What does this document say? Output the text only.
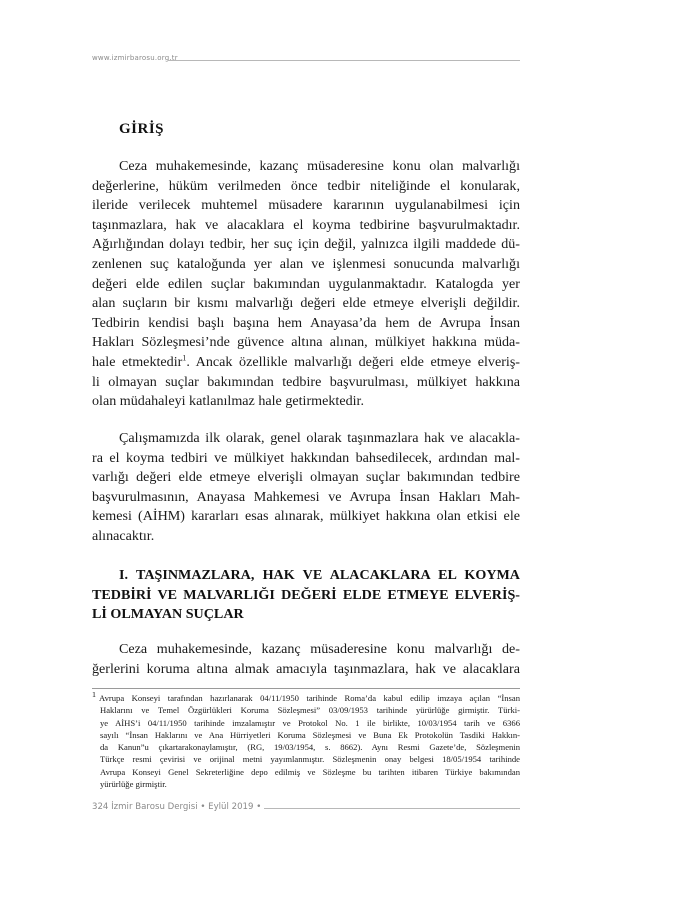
www.izmirbarosu.org.tr
GİRİŞ
Ceza muhakemesinde, kazanç müsaderesine konu olan malvarlığı
değerlerine, hüküm verilmeden önce tedbir niteliğinde el konularak,
ileride verilecek muhtemel müsadere kararının uygulanabilmesi için
taşınmazlara, hak ve alacaklara el koyma tedbirine başvurulmaktadır.
Ağırlığından dolayı tedbir, her suç için değil, yalnızca ilgili maddede dü-
zenlenen suç kataloğunda yer alan ve işlenmesi sonucunda malvarlığı
değeri elde edilen suçlar bakımından uygulanmaktadır. Katalogda yer
alan suçların bir kısmı malvarlığı değeri elde etmeye elverişli değildir.
Tedbirin kendisi başlı başına hem Anayasa’da hem de Avrupa İnsan
Hakları Sözleşmesi’nde güvence altına alınan, mülkiyet hakkına müda-
hale etmektedir$^1$. Ancak özellikle malvarlığı değeri elde etmeye elveriş-
li olmayan suçlar bakımından tedbire başvurulması, mülkiyet hakkına
olan müdahaleyi katlanılmaz hale getirmektedir.
Çalışmamızda ilk olarak, genel olarak taşınmazlara hak ve alacakla-
ra el koyma tedbiri ve mülkiyet hakkından bahsedilecek, ardından mal-
varlığı değeri elde etmeye elverişli olmayan suçlar bakımından tedbire
başvurulmasının, Anayasa Mahkemesi ve Avrupa İnsan Hakları Mah-
kemesi (AİHM) kararları esas alınarak, mülkiyet hakkına olan etkisi ele
alınacaktır.
I. TAŞINMAZLARA, HAK VE ALACAKLARA EL KOYMA
TEDBİRİ VE MALVARLIĞI DEĞERİ ELDE ETMEYE ELVERİŞ-
Lİ OLMAYAN SUÇLAR
Ceza muhakemesinde, kazanç müsaderesine konu malvarlığı de-
ğerlerini koruma altına almak amacıyla taşınmazlara, hak ve alacaklara
1 Avrupa Konseyi tarafından hazırlanarak 04/11/1950 tarihinde Roma’da kabul edilip imzaya açılan “İnsan
Haklarını ve Temel Özgürlükleri Koruma Sözleşmesi” 03/09/1953 tarihinde yürürlüğe girmiştir. Türki-
ye AİHS’i 04/11/1950 tarihinde imzalamıştır ve Protokol No. 1 ile birlikte, 10/03/1954 tarih ve 6366
sayılı “İnsan Haklarını ve Ana Hürriyetleri Koruma Sözleşmesi ve Buna Ek Protokolün Tasdiki Hakkın-
da Kanun”u çıkartarakonaylamıştır, (RG, 19/03/1954, s. 8662). Aynı Resmi Gazete’de, Sözleşmenin
Türkçe resmi çevirisi ve orijinal metni yayımlanmıştır. Sözleşmenin onay belgesi 18/05/1954 tarihinde
Avrupa Konseyi Genel Sekreterliğine depo edilmiş ve Sözleşme bu tarihten itibaren Türkiye bakımından
yürürlüğe girmiştir.
324 İzmir Barosu Dergisi • Eylül 2019 •
